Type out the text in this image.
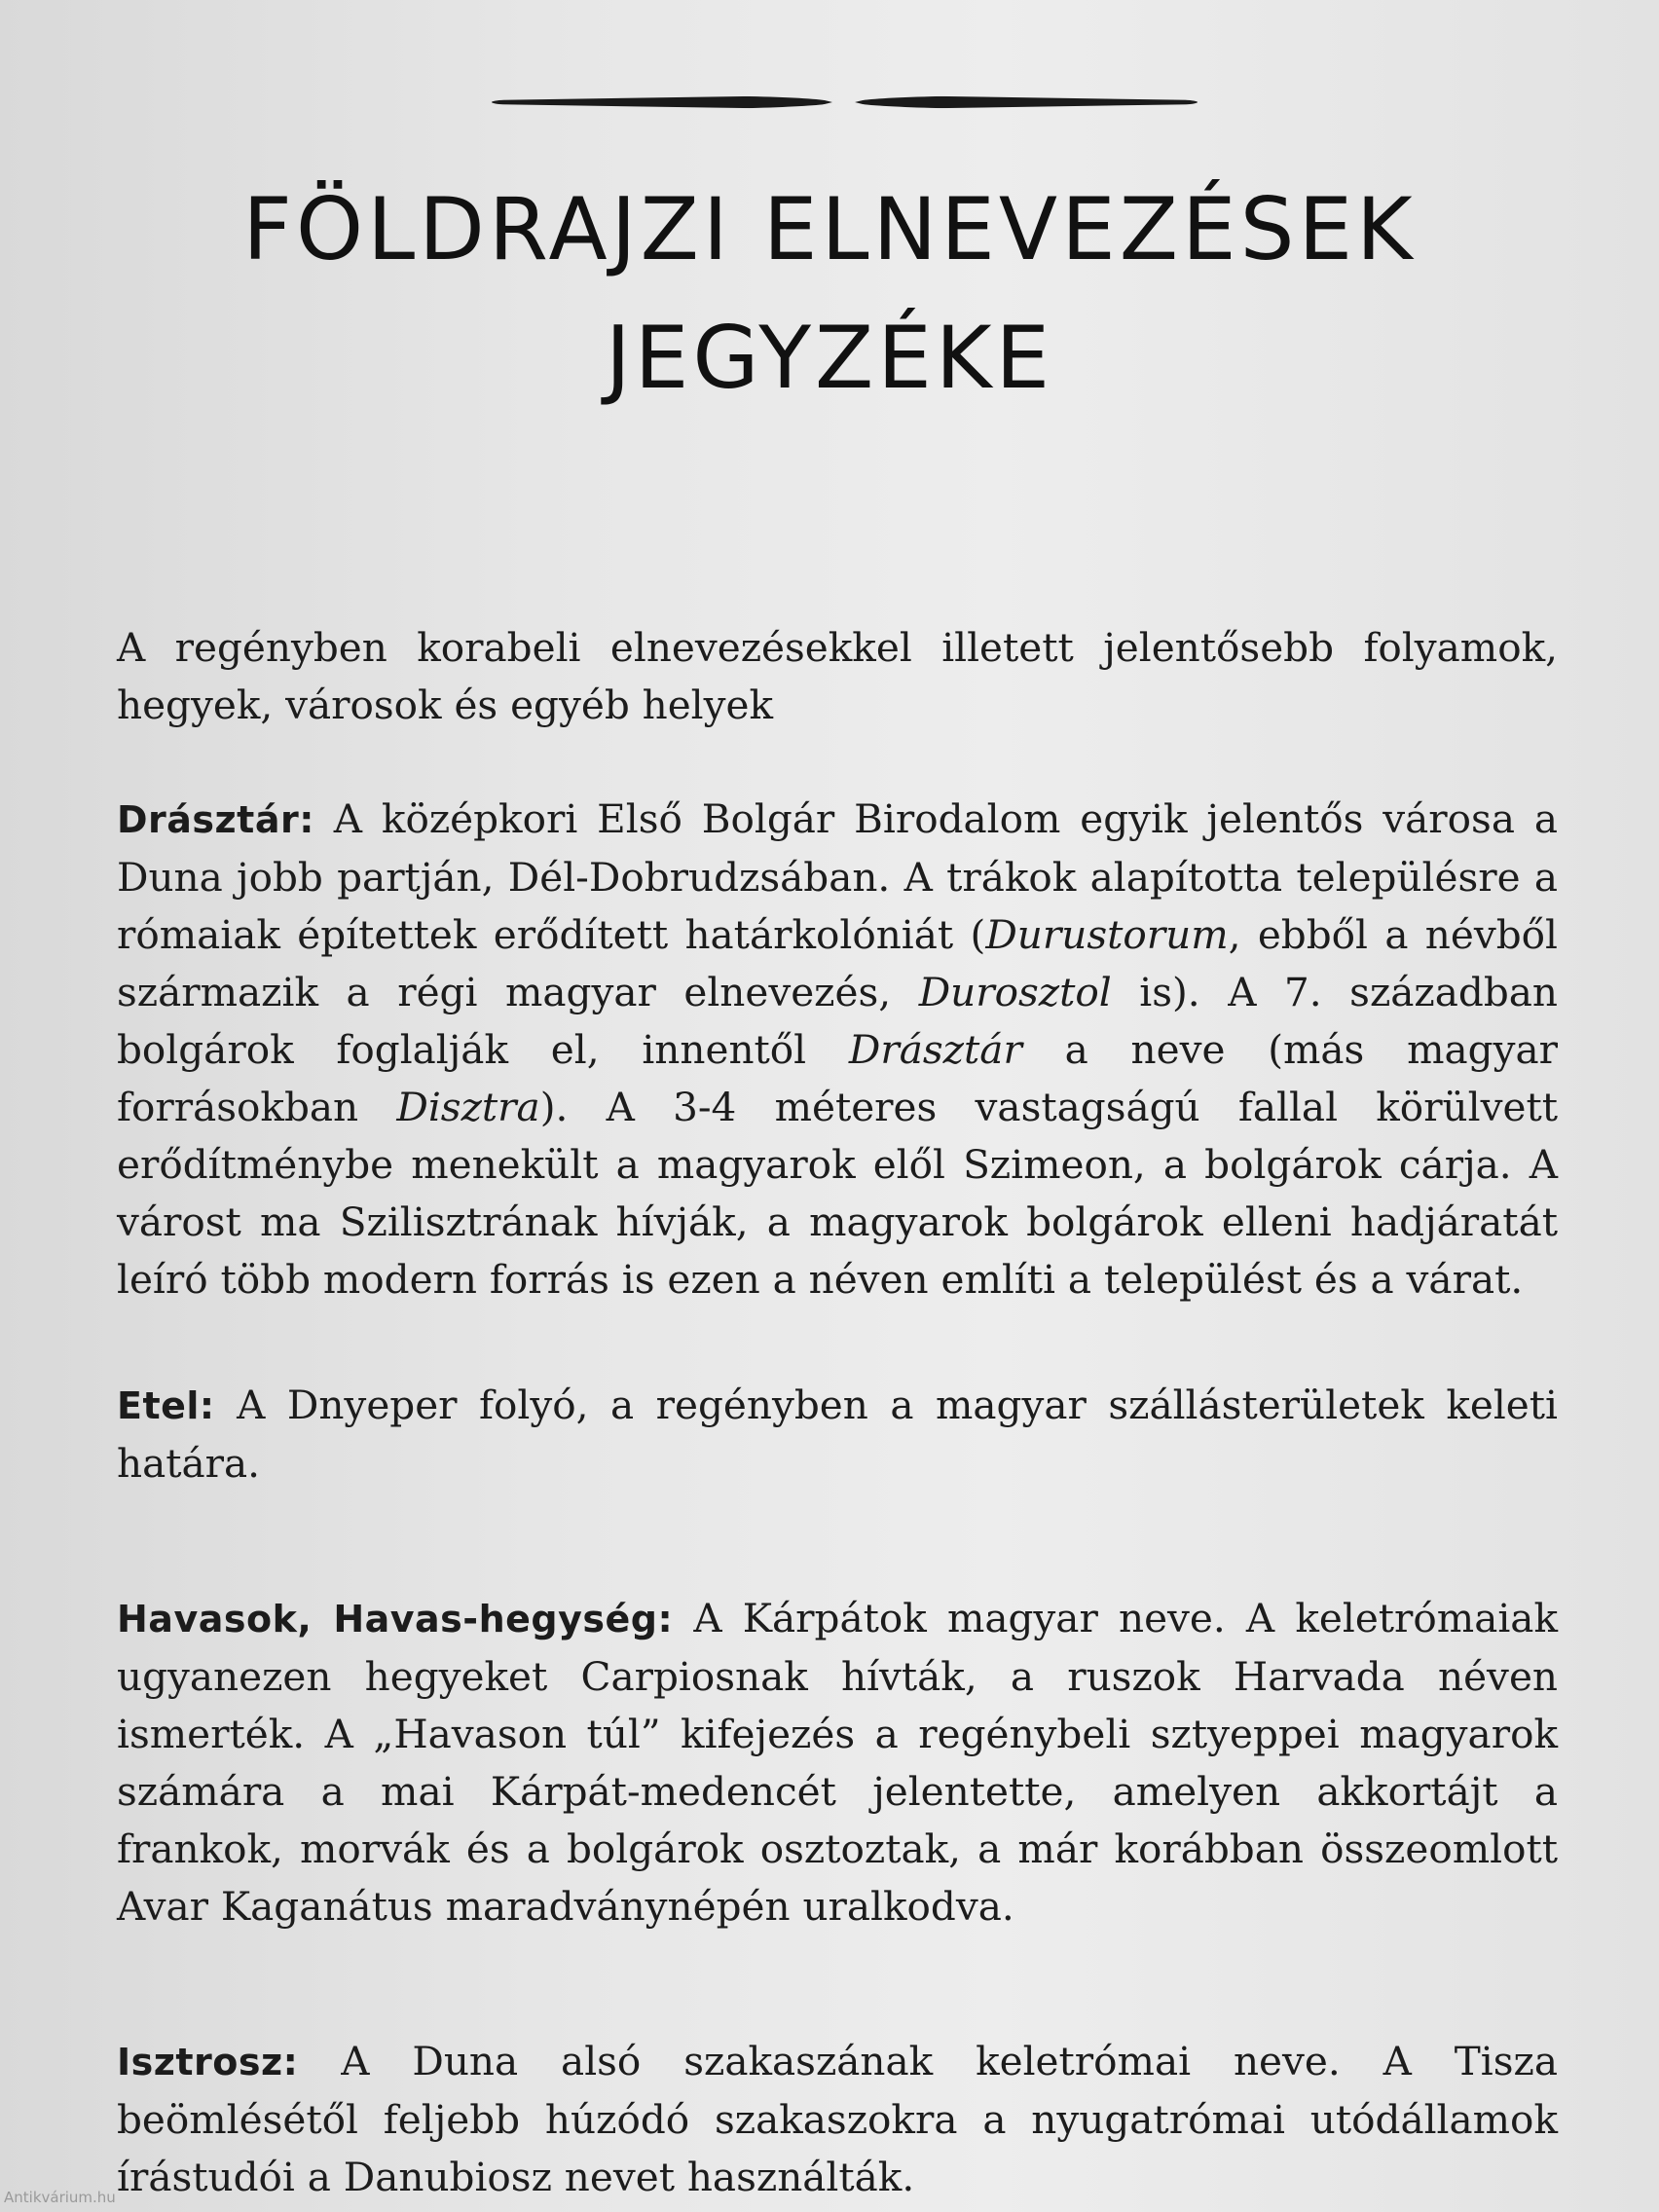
FÖLDRAJZI ELNEVEZÉSEK
JEGYZÉKE

A regényben korabeli elnevezésekkel illetett jelentősebb folyamok, hegyek, városok és egyéb helyek

Drásztár: A középkori Első Bolgár Birodalom egyik jelentős városa a Duna jobb partján, Dél-Dobrudzsában. A trákok alapította településre a rómaiak építettek erődített határkolóniát (Durustorum, ebből a névből származik a régi magyar elnevezés, Durosztol is). A 7. században bolgárok foglalják el, innentől Drásztár a neve (más magyar forrásokban Disztra). A 3-4 méteres vastagságú fallal körülvett erődítménybe menekült a magyarok elől Szimeon, a bolgárok cárja. A várost ma Szilisztrának hívják, a magyarok bolgárok elleni hadjáratát leíró több modern forrás is ezen a néven említi a települést és a várat.

Etel: A Dnyeper folyó, a regényben a magyar szállásterületek keleti határa.

Havasok, Havas-hegység: A Kárpátok magyar neve. A keletrómaiak ugyanezen hegyeket Carpiosnak hívták, a ruszok Harvada néven ismerték. A „Havason túl” kifejezés a regénybeli sztyeppei magyarok számára a mai Kárpát-medencét jelentette, amelyen akkortájt a frankok, morvák és a bolgárok osztoztak, a már korábban összeomlott Avar Kaganátus maradványnépén uralkodva.

Isztrosz: A Duna alsó szakaszának keletrómai neve. A Tisza beömlésétől feljebb húzódó szakaszokra a nyugatrómai utódállamok írástudói a Danubiosz nevet használták.

Antikvárium.hu
